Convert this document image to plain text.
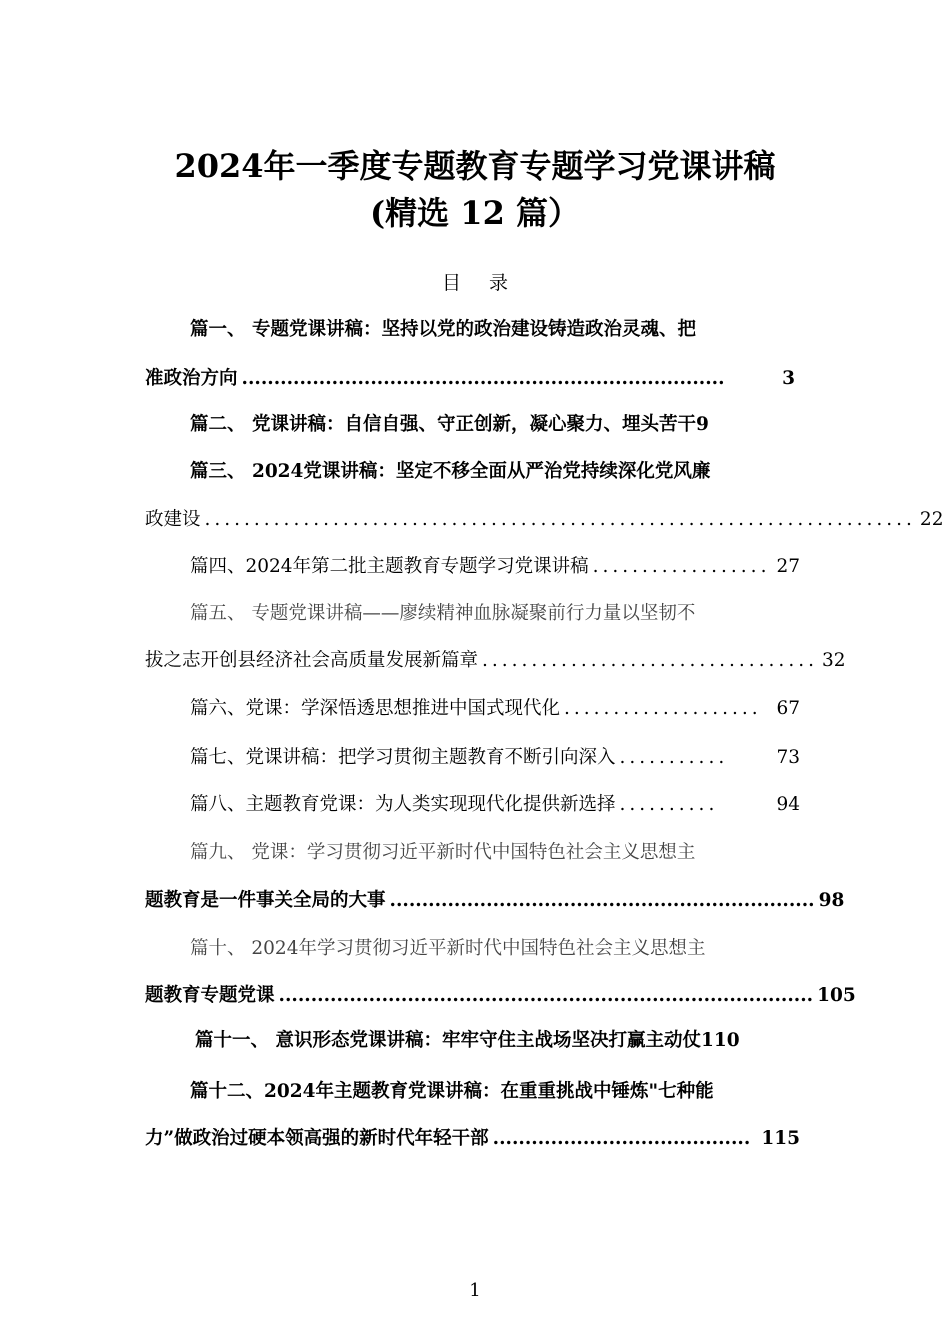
2024年一季度专题教育专题学习党课讲稿
(精选 12 篇）
目录
篇一、 专题党课讲稿：坚持以党的政治建设铸造政治灵魂、把
准政治方向 ...........................................................................	3
篇二、 党课讲稿：自信自强、守正创新，凝心聚力、埋头苦干9
篇三、 2024党课讲稿：坚定不移全面从严治党持续深化党风廉
政建设 ........................................................................ 22
篇四、2024年第二批主题教育专题学习党课讲稿 .................. 27
篇五、 专题党课讲稿——廖续精神血脉凝聚前行力量以坚韧不
拔之志开创县经济社会高质量发展新篇章 .................................. 32
篇六、党课：学深悟透思想推进中国式现代化 .................... 67
篇七、党课讲稿：把学习贯彻主题教育不断引向深入 ...........	73
篇八、主题教育党课：为人类实现现代化提供新选择 ..........	94
篇九、 党课：学习贯彻习近平新时代中国特色社会主义思想主
题教育是一件事关全局的大事 .................................................................. 98
篇十、 2024年学习贯彻习近平新时代中国特色社会主义思想主
题教育专题党课 ................................................................................... 105
篇十一、 意识形态党课讲稿：牢牢守住主战场坚决打赢主动仗110
篇十二、2024年主题教育党课讲稿：在重重挑战中锤炼"七种能
力”做政治过硬本领高强的新时代年轻干部 ........................................ 115
1
